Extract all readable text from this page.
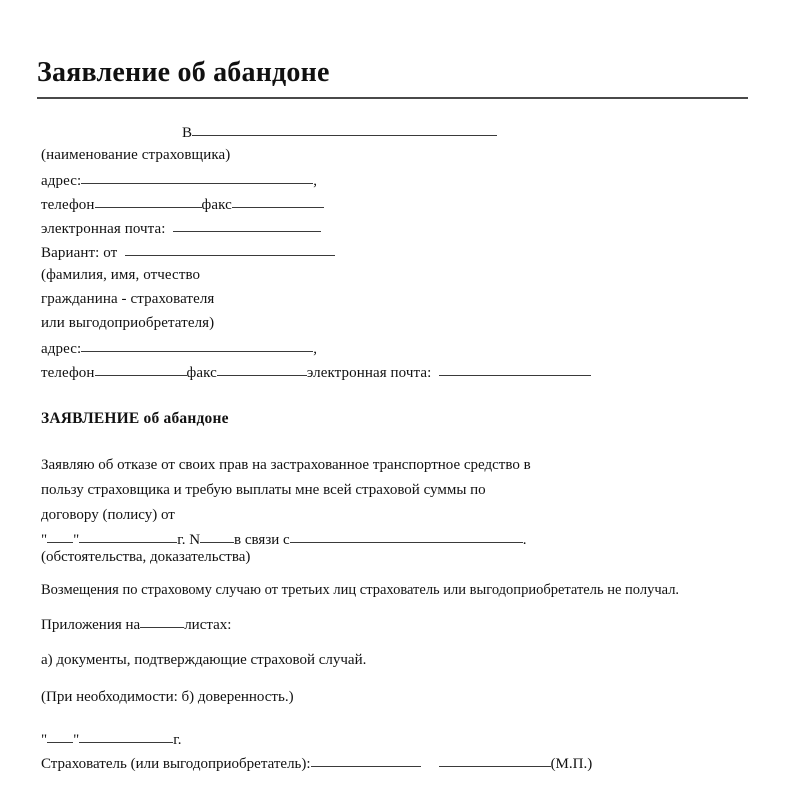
Заявление об абандоне
В
(наименование страховщика)
адрес:	,
телефон	факс
электронная почта:
Вариант: от
(фамилия, имя, отчество
гражданина - страхователя
или выгодоприобретателя)
адрес:	,
телефон	факс	электронная почта:
ЗАЯВЛЕНИЕ об абандоне
Заявляю об отказе от своих прав на застрахованное транспортное средство в
пользу страховщика и требую выплаты мне всей страховой суммы по
договору (полису) от
" "	г. N в связи с	.
(обстоятельства, доказательства)
Возмещения по страховому случаю от третьих лиц страхователь или выгодоприобретатель не получал.
Приложения на	листах:
а) документы, подтверждающие страховой случай.
(При необходимости: б) доверенность.)
" "	г.
Страхователь (или выгодоприобретатель):	(М.П.)
